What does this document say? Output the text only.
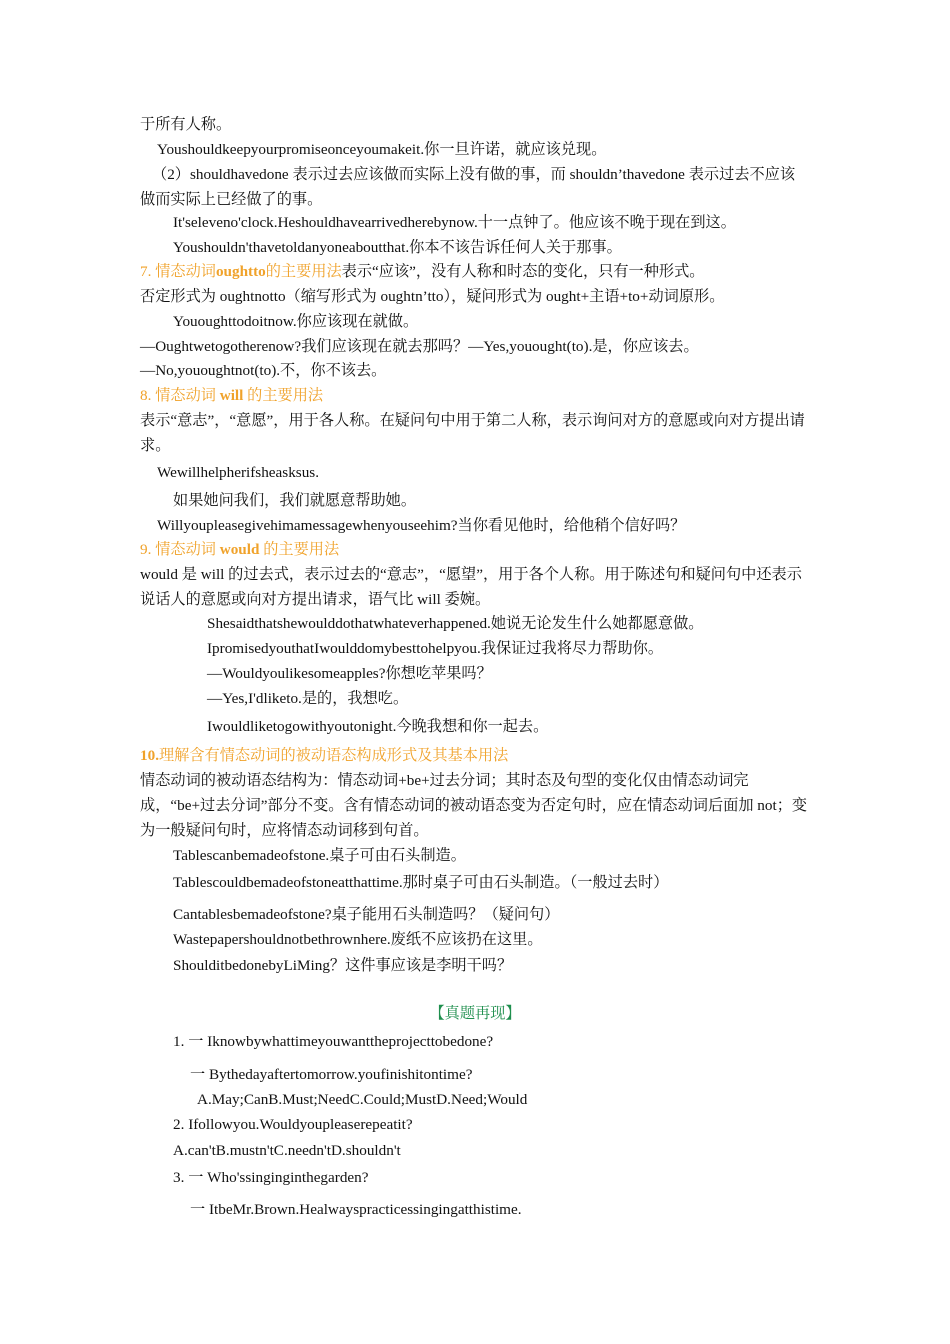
于所有人称。
Youshouldkeepyourpromiseonceyoumakeit.你一旦许诺，就应该兑现。
（2）shouldhavedone 表示过去应该做而实际上没有做的事，而 shouldn’thavedone 表示过去不应该做而实际上已经做了的事。
It'seleveno'clock.Heshouldhavearrivedherebynow.十一点钟了。他应该不晚于现在到这。
Youshouldn'thavetoldanyoneaboutthat.你本不该告诉任何人关于那事。
7. 情态动词oughtto的主要用法表示“应该”，没有人称和时态的变化，只有一种形式。
否定形式为 oughtnotto（缩写形式为 oughtn’tto），疑问形式为 ought+主语+to+动词原形。
Yououghttodoitnow.你应该现在就做。
—Oughtwetogotherenow?我们应该现在就去那吗？—Yes,youought(to).是，你应该去。
—No,yououghtnot(to).不，你不该去。
8. 情态动词 will 的主要用法
表示“意志”，“意愿”，用于各人称。在疑问句中用于第二人称，表示询问对方的意愿或向对方提出请求。
Wewillhelpherifsheasksus.
如果她问我们，我们就愿意帮助她。
Willyoupleasegivehimamessagewhenyouseehim?当你看见他时，给他稍个信好吗？
9. 情态动词 would 的主要用法
would 是 will 的过去式，表示过去的“意志”，“愿望”，用于各个人称。用于陈述句和疑问句中还表示说话人的意愿或向对方提出请求，语气比 will 委婉。
Shesaidthatshewoulddothatwhateverhappened.她说无论发生什么她都愿意做。
IpromisedyouthatIwoulddomybesttohelpyou.我保证过我将尽力帮助你。
—Wouldyoulikesomeapples?你想吃苹果吗？
—Yes,I'dliketo.是的，我想吃。
Iwouldliketogowithyoutonight.今晚我想和你一起去。
10.理解含有情态动词的被动语态构成形式及其基本用法
情态动词的被动语态结构为：情态动词+be+过去分词；其时态及句型的变化仅由情态动词完成，“be+过去分词”部分不变。含有情态动词的被动语态变为否定句时，应在情态动词后面加 not；变为一般疑问句时，应将情态动词移到句首。
Tablescanbemadeofstone.桌子可由石头制造。
Tablescouldbemadeofstoneatthattime.那时桌子可由石头制造。（一般过去时）
Cantablesbemadeofstone?桌子能用石头制造吗？（疑问句）
Wastepapershouldnotbethrownhere.废纸不应该扔在这里。
ShoulditbedonebyLiMing？这件事应该是李明干吗？
【真题再现】
1. 一 Iknowbywhattimeyouwanttheprojecttobedone?
一 Bythedayaftertomorrow.youfinishitontime?
A.May;CanB.Must;NeedC.Could;MustD.Need;Would
2. Ifollowyou.Wouldyoupleaserepeatit?
A.can'tB.mustn'tC.needn'tD.shouldn't
3. 一 Who'ssinginginthegarden?
一 ItbeMr.Brown.Healwayspracticessingingatthistime.
